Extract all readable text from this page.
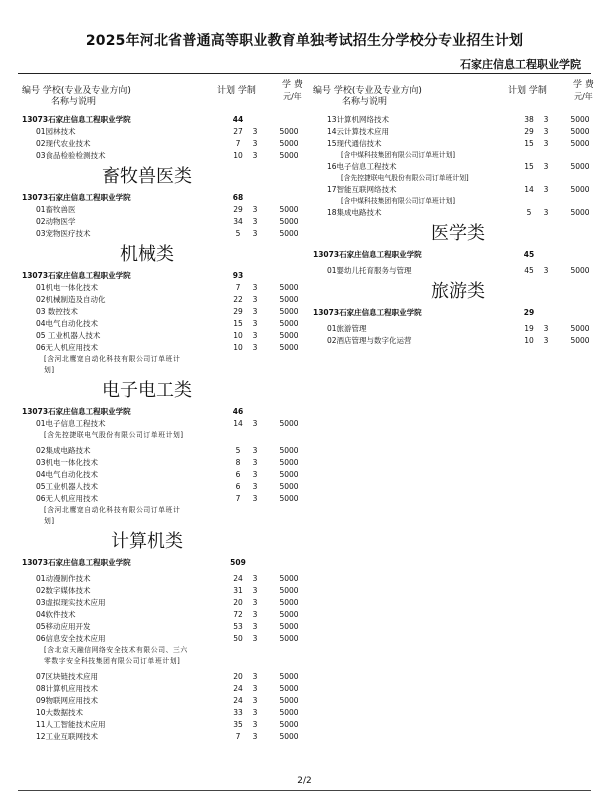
2025年河北省普通高等职业教育单独考试招生分学校分专业招生计划
石家庄信息工程职业学院
编号 学校(专业及专业方向)
名称与说明
计划 学制
学 费
元/年
13073石家庄信息工程职业学院	44
01园林技术	27	3	5000
02现代农业技术	7	3	5000
03食品检验检测技术	10	3	5000
畜牧兽医类
13073石家庄信息工程职业学院	68
01畜牧兽医	29	3	5000
02动物医学	34	3	5000
03宠物医疗技术	5	3	5000
机械类
13073石家庄信息工程职业学院	93
01机电一体化技术	7	3	5000
02机械制造及自动化	22	3	5000
03 数控技术	29	3	5000
04电气自动化技术	15	3	5000
05 工业机器人技术	10	3	5000
06无人机应用技术	10	3	5000
[含河北鹰宽自动化科技有限公司订单班计
划]
电子电工类
13073石家庄信息工程职业学院	46
01电子信息工程技术	14	3	5000
[含先控捷联电气股份有限公司订单班计划]
02集成电路技术	5	3	5000
03机电一体化技术	8	3	5000
04电气自动化技术	6	3	5000
05工业机器人技术	6	3	5000
06无人机应用技术	7	3	5000
[含河北鹰宽自动化科技有限公司订单班计
划]
计算机类
13073石家庄信息工程职业学院	509
01动漫制作技术	24	3	5000
02数字媒体技术	31	3	5000
03虚拟现实技术应用	20	3	5000
04软件技术	72	3	5000
05移动应用开发	53	3	5000
06信息安全技术应用	50	3	5000
[含北京天融信网络安全技术有限公司、三六
零数字安全科技集团有限公司订单班计划]
07区块链技术应用	20	3	5000
08计算机应用技术	24	3	5000
09物联网应用技术	24	3	5000
10大数据技术	33	3	5000
11人工智能技术应用	35	3	5000
12工业互联网技术	7	3	5000
编号 学校(专业及专业方向)
名称与说明
计划 学制
学 费
元/年
13计算机网络技术	38	3	5000
14云计算技术应用	29	3	5000
15现代通信技术	15	3	5000
[含中煤科技集团有限公司订单班计划]
16电子信息工程技术	15	3	5000
[含先控捷联电气股份有限公司订单班计划]
17智能互联网络技术	14	3	5000
[含中煤科技集团有限公司订单班计划]
18集成电路技术	5	3	5000
医学类
13073石家庄信息工程职业学院	45
01婴幼儿托育服务与管理	45	3	5000
旅游类
13073石家庄信息工程职业学院	29
01旅游管理	19	3	5000
02酒店管理与数字化运营	10	3	5000
2/2
